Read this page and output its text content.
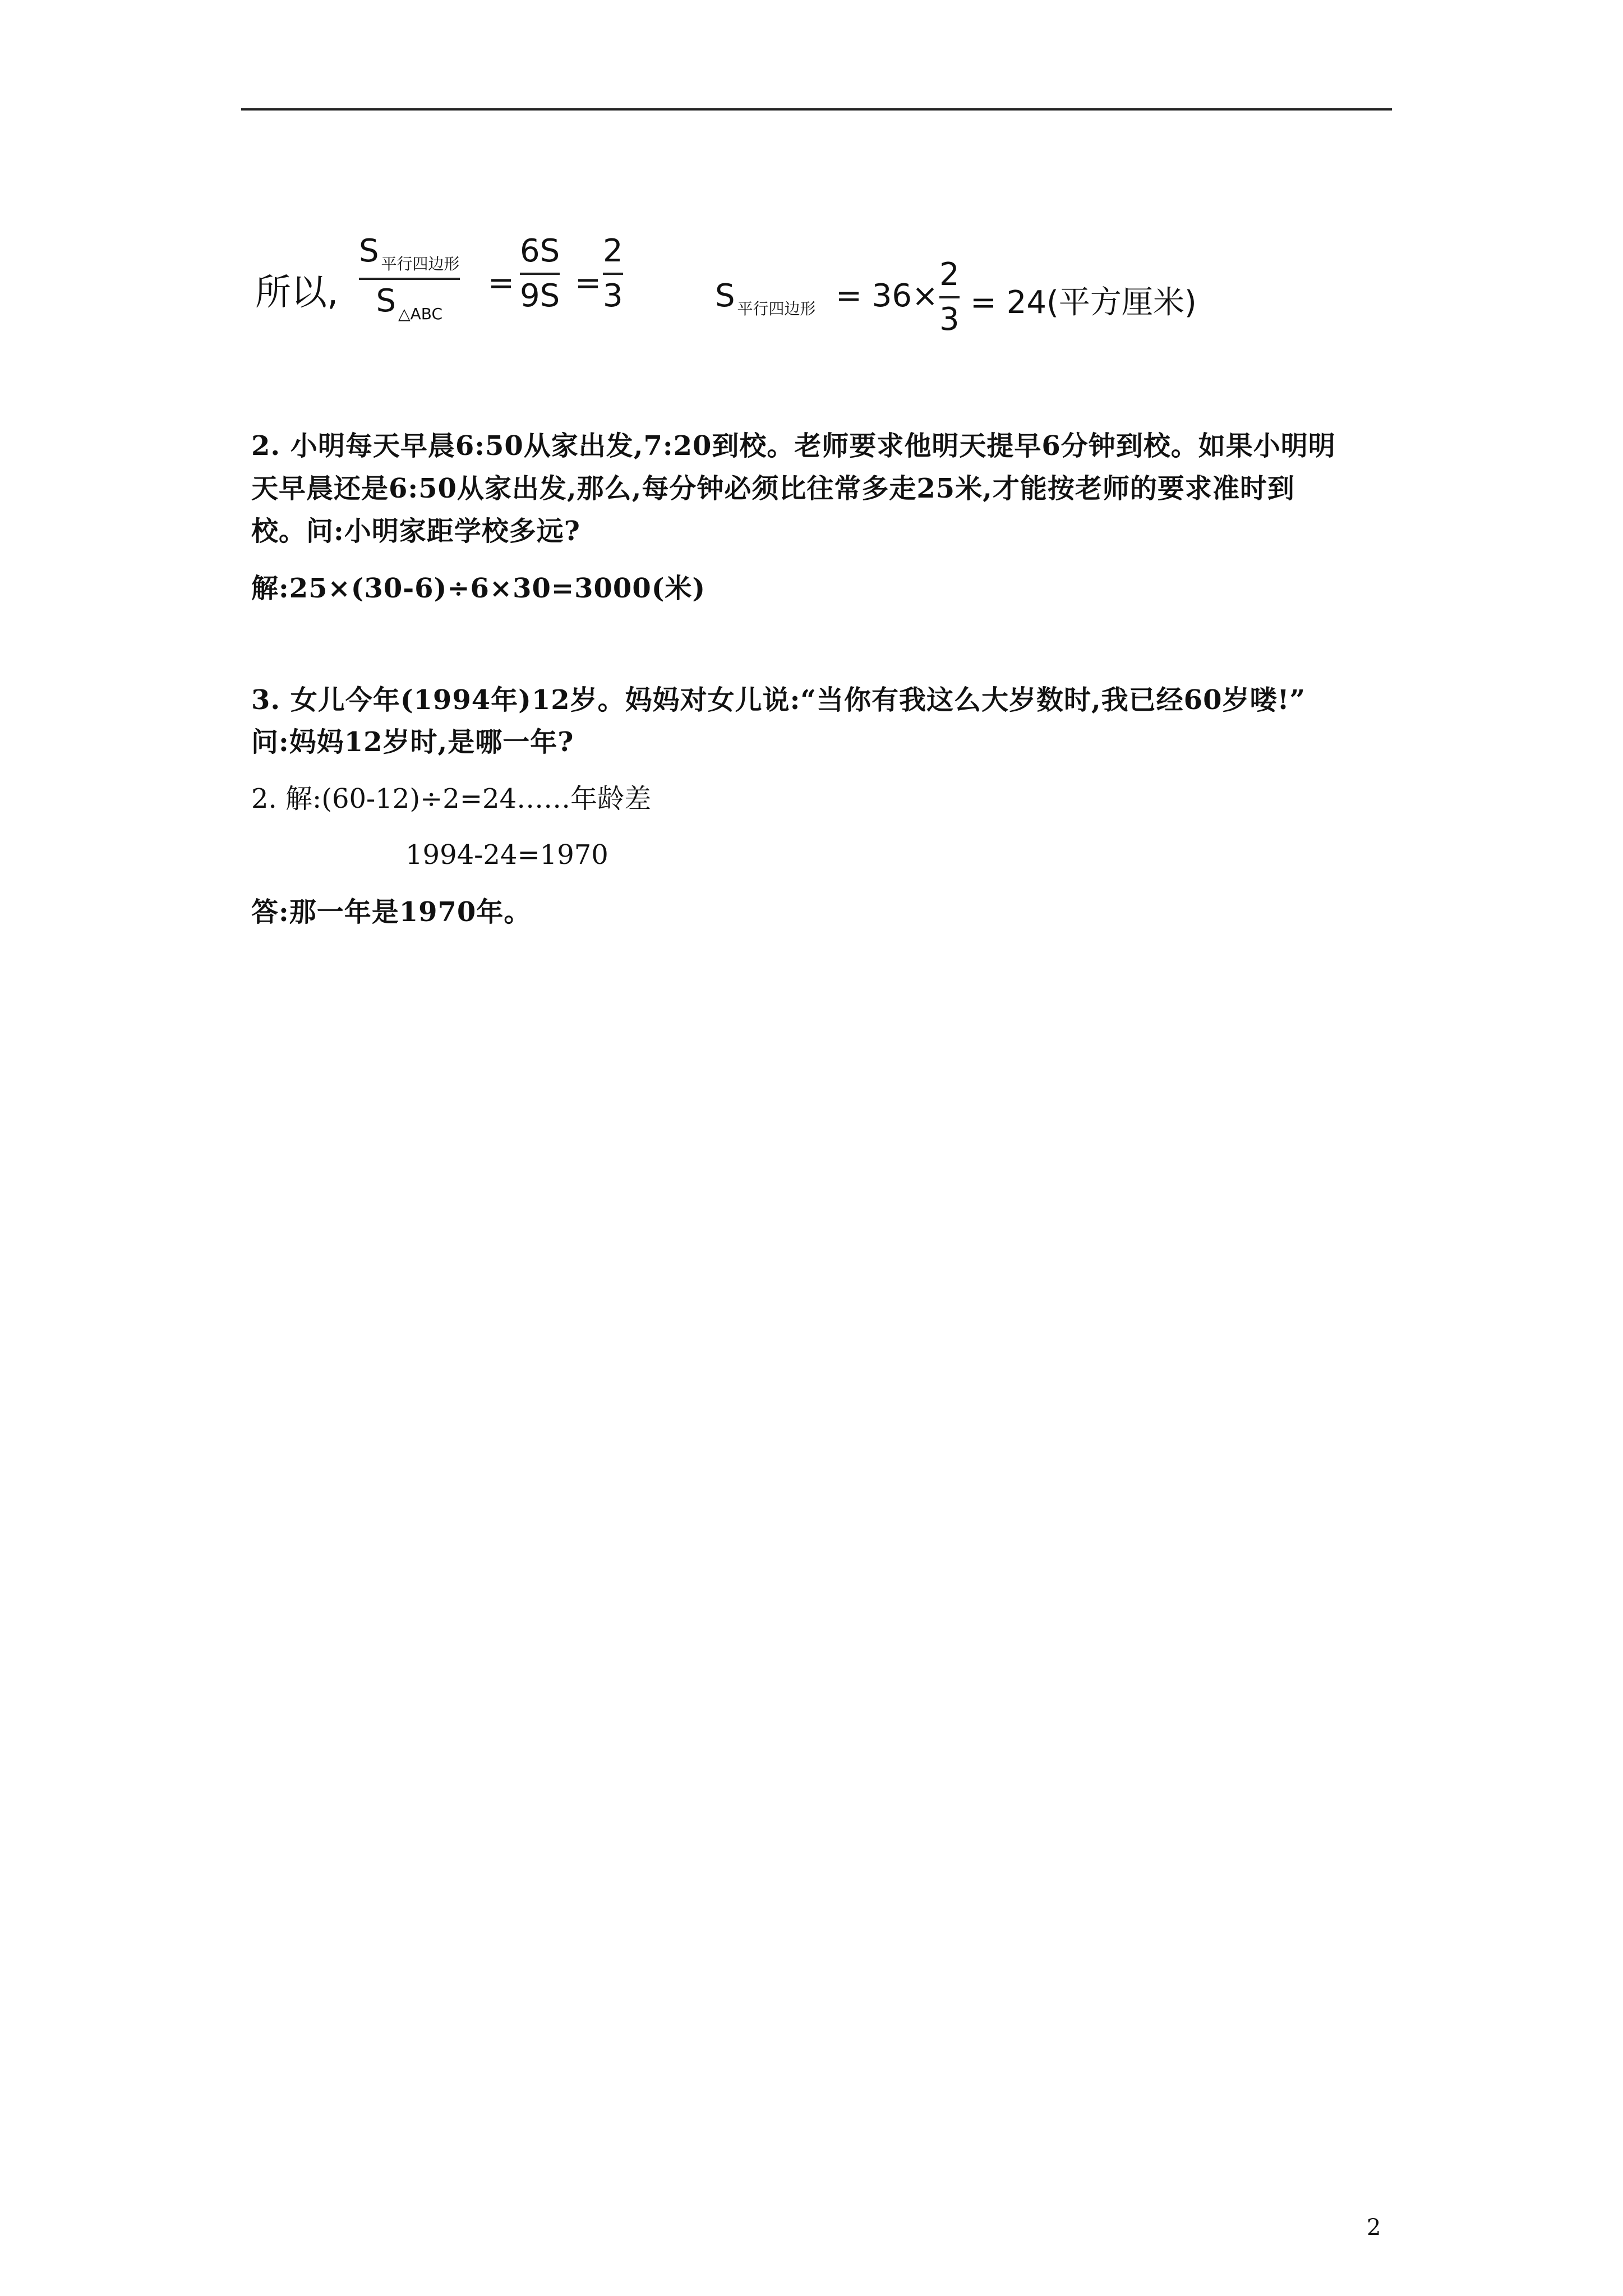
所以,
S $_{平行四边形}$
S $_{\triangle ABC}$
=
6S
9S =
2
3	S $_{平行四边形}$ = 36×
2
3 = 24(平方厘米)
2. 小明每天早晨6:50从家出发,7:20到校。老师要求他明天提早6分钟到校。如果小明明
天早晨还是6:50从家出发,那么,每分钟必须比往常多走25米,才能按老师的要求准时到
校。问:小明家距学校多远?
解:25×(30-6)÷6×30=3000(米)
3. 女儿今年(1994年)12岁。妈妈对女儿说:“当你有我这么大岁数时,我已经60岁喽!”
问:妈妈12岁时,是哪一年?
2. 解:(60-12)÷2=24……年龄差
1994-24=1970
答:那一年是1970年。
2
